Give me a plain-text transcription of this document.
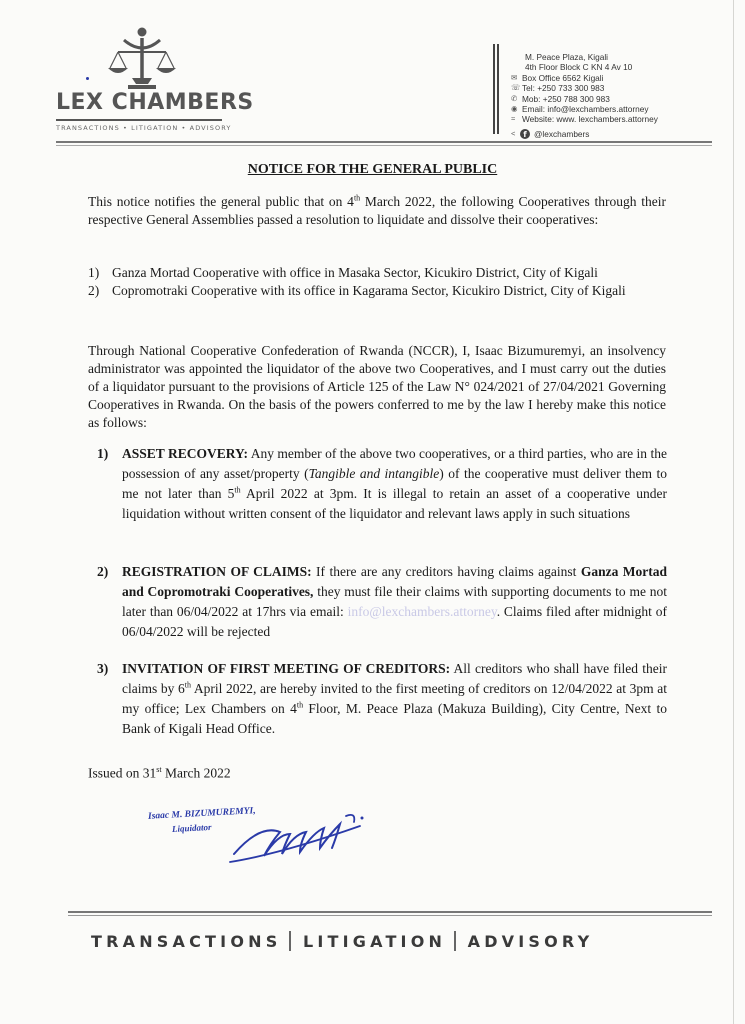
LEX CHAMBERS
TRANSACTIONS • LITIGATION • ADVISORY
M. Peace Plaza, Kigali
4th Floor Block C KN 4 Av 10
✉ Box Office 6562 Kigali
☏ Tel: +250 733 300 983
✆ Mob: +250 788 300 983
◉ Email: info@lexchambers.attorney
≈ Website: www. lexchambers.attorney
< f @lexchambers
NOTICE FOR THE GENERAL PUBLIC
This notice notifies the general public that on 4th March 2022, the following Cooperatives through their respective General Assemblies passed a resolution to liquidate and dissolve their cooperatives:
1) Ganza Mortad Cooperative with office in Masaka Sector, Kicukiro District, City of Kigali
2) Copromotraki Cooperative with its office in Kagarama Sector, Kicukiro District, City of Kigali
Through National Cooperative Confederation of Rwanda (NCCR), I, Isaac Bizumuremyi, an insolvency administrator was appointed the liquidator of the above two Cooperatives, and I must carry out the duties of a liquidator pursuant to the provisions of Article 125 of the Law N° 024/2021 of 27/04/2021 Governing Cooperatives in Rwanda. On the basis of the powers conferred to me by the law I hereby make this notice as follows:
1)	ASSET RECOVERY: Any member of the above two cooperatives, or a third parties, who are in the possession of any asset/property (Tangible and intangible) of the cooperative must deliver them to me not later than 5th April 2022 at 3pm. It is illegal to retain an asset of a cooperative under liquidation without written consent of the liquidator and relevant laws apply in such situations
2)	REGISTRATION OF CLAIMS: If there are any creditors having claims against Ganza Mortad and Copromotraki Cooperatives, they must file their claims with supporting documents to me not later than 06/04/2022 at 17hrs via email: info@lexchambers.attorney. Claims filed after midnight of 06/04/2022 will be rejected
3)	INVITATION OF FIRST MEETING OF CREDITORS: All creditors who shall have filed their claims by 6th April 2022, are hereby invited to the first meeting of creditors on 12/04/2022 at 3pm at my office; Lex Chambers on 4th Floor, M. Peace Plaza (Makuza Building), City Centre, Next to Bank of Kigali Head Office.
Issued on 31st March 2022
Isaac M. BIZUMUREMYI,
Liquidator
TRANSACTIONS LITIGATION ADVISORY
